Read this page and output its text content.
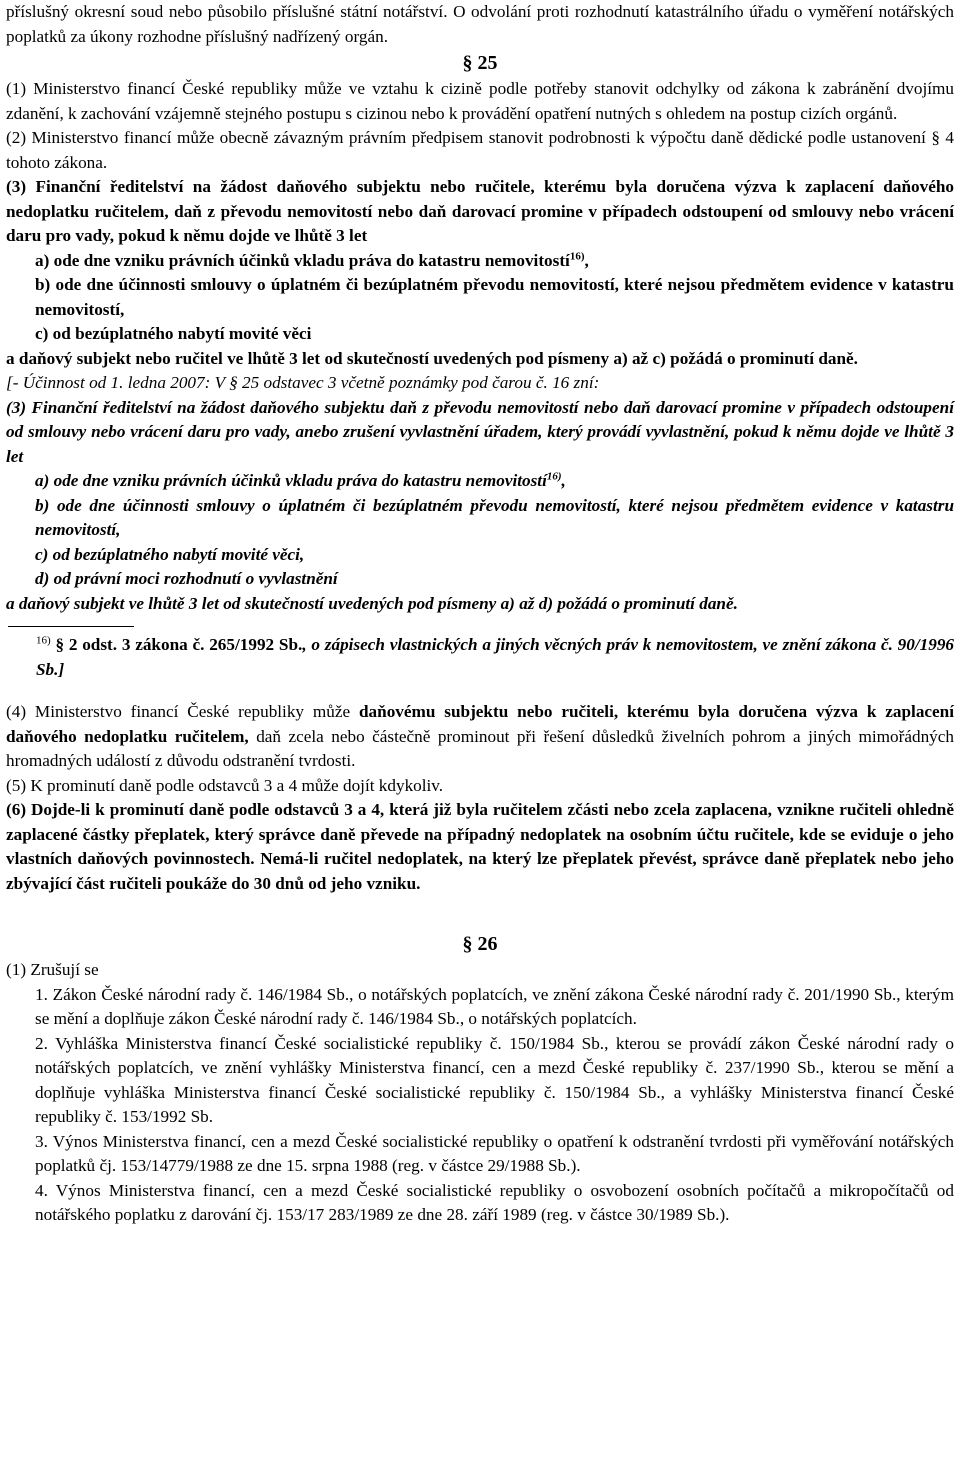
příslušný okresní soud nebo působilo příslušné státní notářství. O odvolání proti rozhodnutí katastrálního úřadu o vyměření notářských poplatků za úkony rozhodne příslušný nadřízený orgán.

§ 25

(1) Ministerstvo financí České republiky může ve vztahu k cizině podle potřeby stanovit odchylky od zákona k zabránění dvojímu zdanění, k zachování vzájemně stejného postupu s cizinou nebo k provádění opatření nutných s ohledem na postup cizích orgánů.

(2) Ministerstvo financí může obecně závazným právním předpisem stanovit podrobnosti k výpočtu daně dědické podle ustanovení § 4 tohoto zákona.

(3) Finanční ředitelství na žádost daňového subjektu nebo ručitele, kterému byla doručena výzva k zaplacení daňového nedoplatku ručitelem, daň z převodu nemovitostí nebo daň darovací promine v případech odstoupení od smlouvy nebo vrácení daru pro vady, pokud k němu dojde ve lhůtě 3 let

a) ode dne vzniku právních účinků vkladu práva do katastru nemovitostí$^{16)}$,

b) ode dne účinnosti smlouvy o úplatném či bezúplatném převodu nemovitostí, které nejsou předmětem evidence v katastru nemovitostí,

c) od bezúplatného nabytí movité věci

a daňový subjekt nebo ručitel ve lhůtě 3 let od skutečností uvedených pod písmeny a) až c) požádá o prominutí daně.

[- Účinnost od 1. ledna 2007: V § 25 odstavec 3 včetně poznámky pod čarou č. 16 zní:

(3) Finanční ředitelství na žádost daňového subjektu daň z převodu nemovitostí nebo daň darovací promine v případech odstoupení od smlouvy nebo vrácení daru pro vady, anebo zrušení vyvlastnění úřadem, který provádí vyvlastnění, pokud k němu dojde ve lhůtě 3 let

a) ode dne vzniku právních účinků vkladu práva do katastru nemovitostí$^{16)}$,

b) ode dne účinnosti smlouvy o úplatném či bezúplatném převodu nemovitostí, které nejsou předmětem evidence v katastru nemovitostí,

c) od bezúplatného nabytí movité věci,

d) od právní moci rozhodnutí o vyvlastnění

a daňový subjekt ve lhůtě 3 let od skutečností uvedených pod písmeny a) až d) požádá o prominutí daně.

$^{16)}$ § 2 odst. 3 zákona č. 265/1992 Sb., o zápisech vlastnických a jiných věcných práv k nemovitostem, ve znění zákona č. 90/1996 Sb.]

(4) Ministerstvo financí České republiky může daňovému subjektu nebo ručiteli, kterému byla doručena výzva k zaplacení daňového nedoplatku ručitelem, daň zcela nebo částečně prominout při řešení důsledků živelních pohrom a jiných mimořádných hromadných událostí z důvodu odstranění tvrdosti.

(5) K prominutí daně podle odstavců 3 a 4 může dojít kdykoliv.

(6) Dojde-li k prominutí daně podle odstavců 3 a 4, která již byla ručitelem zčásti nebo zcela zaplacena, vznikne ručiteli ohledně zaplacené částky přeplatek, který správce daně převede na případný nedoplatek na osobním účtu ručitele, kde se eviduje o jeho vlastních daňových povinnostech. Nemá-li ručitel nedoplatek, na který lze přeplatek převést, správce daně přeplatek nebo jeho zbývající část ručiteli poukáže do 30 dnů od jeho vzniku.

§ 26

(1) Zrušují se

1. Zákon České národní rady č. 146/1984 Sb., o notářských poplatcích, ve znění zákona České národní rady č. 201/1990 Sb., kterým se mění a doplňuje zákon České národní rady č. 146/1984 Sb., o notářských poplatcích.

2. Vyhláška Ministerstva financí České socialistické republiky č. 150/1984 Sb., kterou se provádí zákon České národní rady o notářských poplatcích, ve znění vyhlášky Ministerstva financí, cen a mezd České republiky č. 237/1990 Sb., kterou se mění a doplňuje vyhláška Ministerstva financí České socialistické republiky č. 150/1984 Sb., a vyhlášky Ministerstva financí České republiky č. 153/1992 Sb.

3. Výnos Ministerstva financí, cen a mezd České socialistické republiky o opatření k odstranění tvrdosti při vyměřování notářských poplatků čj. 153/14779/1988 ze dne 15. srpna 1988 (reg. v částce 29/1988 Sb.).

4. Výnos Ministerstva financí, cen a mezd České socialistické republiky o osvobození osobních počítačů a mikropočítačů od notářského poplatku z darování čj. 153/17 283/1989 ze dne 28. září 1989 (reg. v částce 30/1989 Sb.).
